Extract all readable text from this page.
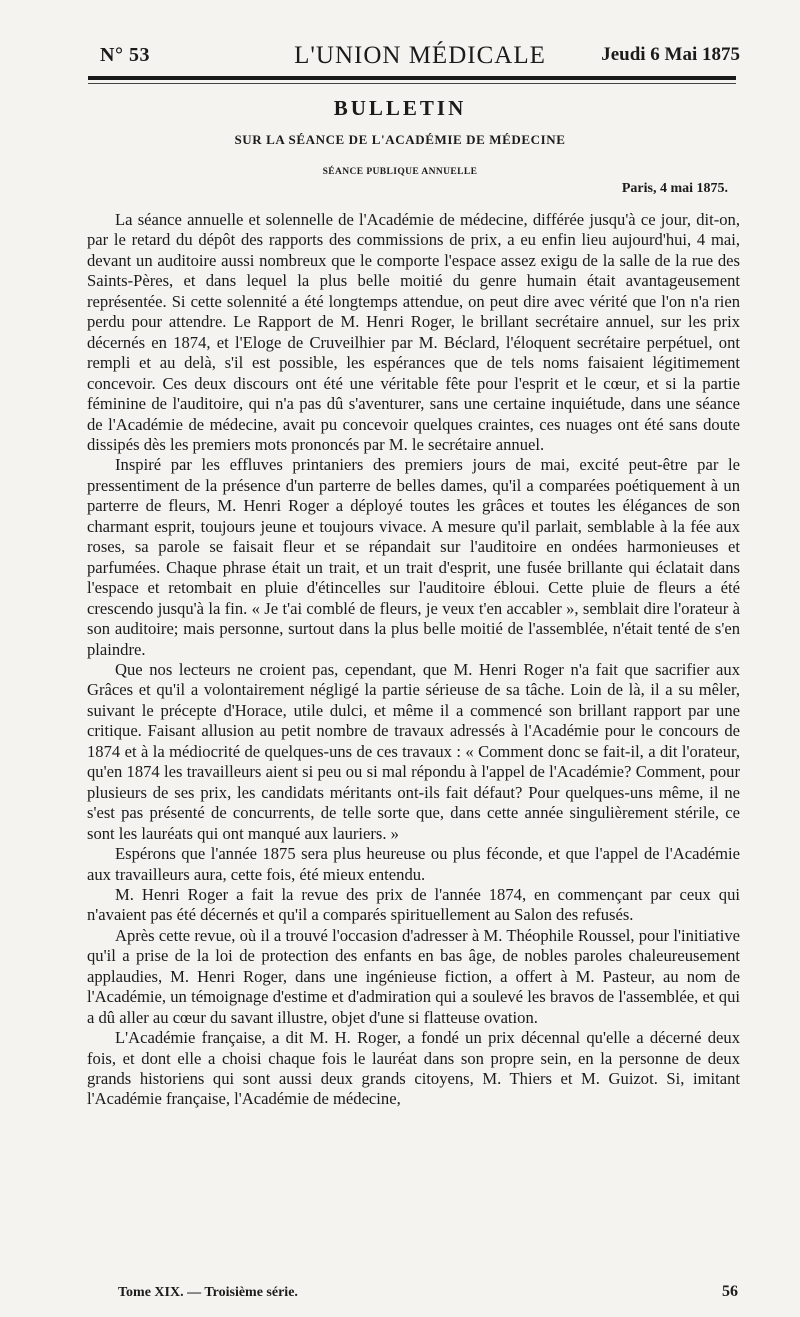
N° 53	L'UNION MÉDICALE	Jeudi 6 Mai 1875
BULLETIN
SUR LA SÉANCE DE L'ACADÉMIE DE MÉDECINE
SÉANCE PUBLIQUE ANNUELLE
Paris, 4 mai 1875.

La séance annuelle et solennelle de l'Académie de médecine, différée jusqu'à ce jour, dit-on, par le retard du dépôt des rapports des commissions de prix, a eu enfin lieu aujourd'hui, 4 mai, devant un auditoire aussi nombreux que le comporte l'espace assez exigu de la salle de la rue des Saints-Pères, et dans lequel la plus belle moitié du genre humain était avantageusement représentée. Si cette solennité a été longtemps attendue, on peut dire avec vérité que l'on n'a rien perdu pour attendre. Le Rapport de M. Henri Roger, le brillant secrétaire annuel, sur les prix décernés en 1874, et l'Eloge de Cruveilhier par M. Béclard, l'éloquent secrétaire perpétuel, ont rempli et au delà, s'il est possible, les espérances que de tels noms faisaient légitimement concevoir. Ces deux discours ont été une véritable fête pour l'esprit et le cœur, et si la partie féminine de l'auditoire, qui n'a pas dû s'aventurer, sans une certaine inquiétude, dans une séance de l'Académie de médecine, avait pu concevoir quelques craintes, ces nuages ont été sans doute dissipés dès les premiers mots prononcés par M. le secrétaire annuel.

Inspiré par les effluves printaniers des premiers jours de mai, excité peut-être par le pressentiment de la présence d'un parterre de belles dames, qu'il a comparées poétiquement à un parterre de fleurs, M. Henri Roger a déployé toutes les grâces et toutes les élégances de son charmant esprit, toujours jeune et toujours vivace. A mesure qu'il parlait, semblable à la fée aux roses, sa parole se faisait fleur et se répandait sur l'auditoire en ondées harmonieuses et parfumées. Chaque phrase était un trait, et un trait d'esprit, une fusée brillante qui éclatait dans l'espace et retombait en pluie d'étincelles sur l'auditoire ébloui. Cette pluie de fleurs a été crescendo jusqu'à la fin. « Je t'ai comblé de fleurs, je veux t'en accabler », semblait dire l'orateur à son auditoire; mais personne, surtout dans la plus belle moitié de l'assemblée, n'était tenté de s'en plaindre.

Que nos lecteurs ne croient pas, cependant, que M. Henri Roger n'a fait que sacrifier aux Grâces et qu'il a volontairement négligé la partie sérieuse de sa tâche. Loin de là, il a su mêler, suivant le précepte d'Horace, utile dulci, et même il a commencé son brillant rapport par une critique. Faisant allusion au petit nombre de travaux adressés à l'Académie pour le concours de 1874 et à la médiocrité de quelques-uns de ces travaux : « Comment donc se fait-il, a dit l'orateur, qu'en 1874 les travailleurs aient si peu ou si mal répondu à l'appel de l'Académie? Comment, pour plusieurs de ses prix, les candidats méritants ont-ils fait défaut? Pour quelques-uns même, il ne s'est pas présenté de concurrents, de telle sorte que, dans cette année singulièrement stérile, ce sont les lauréats qui ont manqué aux lauriers. »

Espérons que l'année 1875 sera plus heureuse ou plus féconde, et que l'appel de l'Académie aux travailleurs aura, cette fois, été mieux entendu.

M. Henri Roger a fait la revue des prix de l'année 1874, en commençant par ceux qui n'avaient pas été décernés et qu'il a comparés spirituellement au Salon des refusés.

Après cette revue, où il a trouvé l'occasion d'adresser à M. Théophile Roussel, pour l'initiative qu'il a prise de la loi de protection des enfants en bas âge, de nobles paroles chaleureusement applaudies, M. Henri Roger, dans une ingénieuse fiction, a offert à M. Pasteur, au nom de l'Académie, un témoignage d'estime et d'admiration qui a soulevé les bravos de l'assemblée, et qui a dû aller au cœur du savant illustre, objet d'une si flatteuse ovation.

L'Académie française, a dit M. H. Roger, a fondé un prix décennal qu'elle a décerné deux fois, et dont elle a choisi chaque fois le lauréat dans son propre sein, en la personne de deux grands historiens qui sont aussi deux grands citoyens, M. Thiers et M. Guizot. Si, imitant l'Académie française, l'Académie de médecine,

Tome XIX. — Troisième série.	56
